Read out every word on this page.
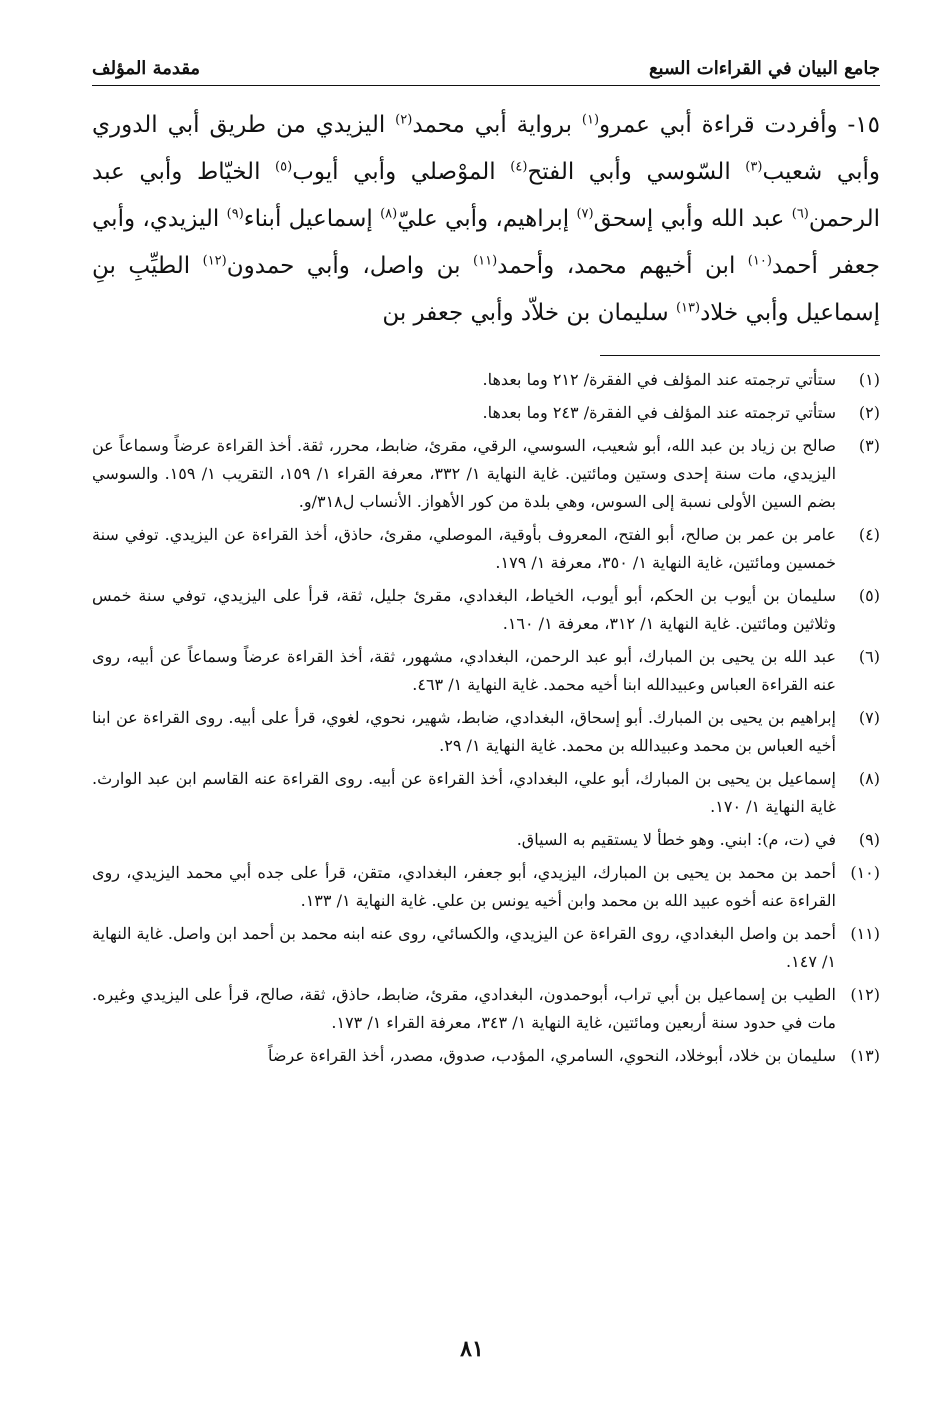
جامع البيان في القراءات السبع
مقدمة المؤلف
١٥- وأفردت قراءة أبي عمرو$^{(١)}$ برواية أبي محمد$^{(٢)}$ اليزيدي من طريق أبي الدوري وأبي شعيب$^{(٣)}$ السّوسي وأبي الفتح$^{(٤)}$ الموْصلي وأبي أيوب$^{(٥)}$ الخيّاط وأبي عبد الرحمن$^{(٦)}$ عبد الله وأبي إسحق$^{(٧)}$ إبراهيم، وأبي عليّ$^{(٨)}$ إسماعيل أبناء$^{(٩)}$ اليزيدي، وأبي جعفر أحمد$^{(١٠)}$ ابن أخيهم محمد، وأحمد$^{(١١)}$ بن واصل، وأبي حمدون$^{(١٢)}$ الطيِّبِ بنِ إسماعيل وأبي خلاد$^{(١٣)}$ سليمان بن خلاّد وأبي جعفر بن
(١)
ستأتي ترجمته عند المؤلف في الفقرة/ ٢١٢ وما بعدها.
(٢)
ستأتي ترجمته عند المؤلف في الفقرة/ ٢٤٣ وما بعدها.
(٣)
صالح بن زياد بن عبد الله، أبو شعيب، السوسي، الرقي، مقرئ، ضابط، محرر، ثقة. أخذ القراءة عرضاً وسماعاً عن اليزيدي، مات سنة إحدى وستين ومائتين. غاية النهاية ١/ ٣٣٢، معرفة القراء ١/ ١٥٩، التقريب ١/ ١٥٩. والسوسي بضم السين الأولى نسبة إلى السوس، وهي بلدة من كور الأهواز. الأنساب ل٣١٨/و.
(٤)
عامر بن عمر بن صالح، أبو الفتح، المعروف بأوقية، الموصلي، مقرئ، حاذق، أخذ القراءة عن اليزيدي. توفي سنة خمسين ومائتين، غاية النهاية ١/ ٣٥٠، معرفة ١/ ١٧٩.
(٥)
سليمان بن أيوب بن الحكم، أبو أيوب، الخياط، البغدادي، مقرئ جليل، ثقة، قرأ على اليزيدي، توفي سنة خمس وثلاثين ومائتين. غاية النهاية ١/ ٣١٢، معرفة ١/ ١٦٠.
(٦)
عبد الله بن يحيى بن المبارك، أبو عبد الرحمن، البغدادي، مشهور، ثقة، أخذ القراءة عرضاً وسماعاً عن أبيه، روى عنه القراءة العباس وعبيدالله ابنا أخيه محمد. غاية النهاية ١/ ٤٦٣.
(٧)
إبراهيم بن يحيى بن المبارك. أبو إسحاق، البغدادي، ضابط، شهير، نحوي، لغوي، قرأ على أبيه. روى القراءة عن ابنا أخيه العباس بن محمد وعبيدالله بن محمد. غاية النهاية ١/ ٢٩.
(٨)
إسماعيل بن يحيى بن المبارك، أبو علي، البغدادي، أخذ القراءة عن أبيه. روى القراءة عنه القاسم ابن عبد الوارث. غاية النهاية ١/ ١٧٠.
(٩)
في (ت، م): ابني. وهو خطأ لا يستقيم به السياق.
(١٠)
أحمد بن محمد بن يحيى بن المبارك، اليزيدي، أبو جعفر، البغدادي، متقن، قرأ على جده أبي محمد اليزيدي، روى القراءة عنه أخوه عبيد الله بن محمد وابن أخيه يونس بن علي. غاية النهاية ١/ ١٣٣.
(١١)
أحمد بن واصل البغدادي، روى القراءة عن اليزيدي، والكسائي، روى عنه ابنه محمد بن أحمد ابن واصل. غاية النهاية ١/ ١٤٧.
(١٢)
الطيب بن إسماعيل بن أبي تراب، أبوحمدون، البغدادي، مقرئ، ضابط، حاذق، ثقة، صالح، قرأ على اليزيدي وغيره. مات في حدود سنة أربعين ومائتين، غاية النهاية ١/ ٣٤٣، معرفة القراء ١/ ١٧٣.
(١٣)
سليمان بن خلاد، أبوخلاد، النحوي، السامري، المؤدب، صدوق، مصدر، أخذ القراءة عرضاً
٨١
